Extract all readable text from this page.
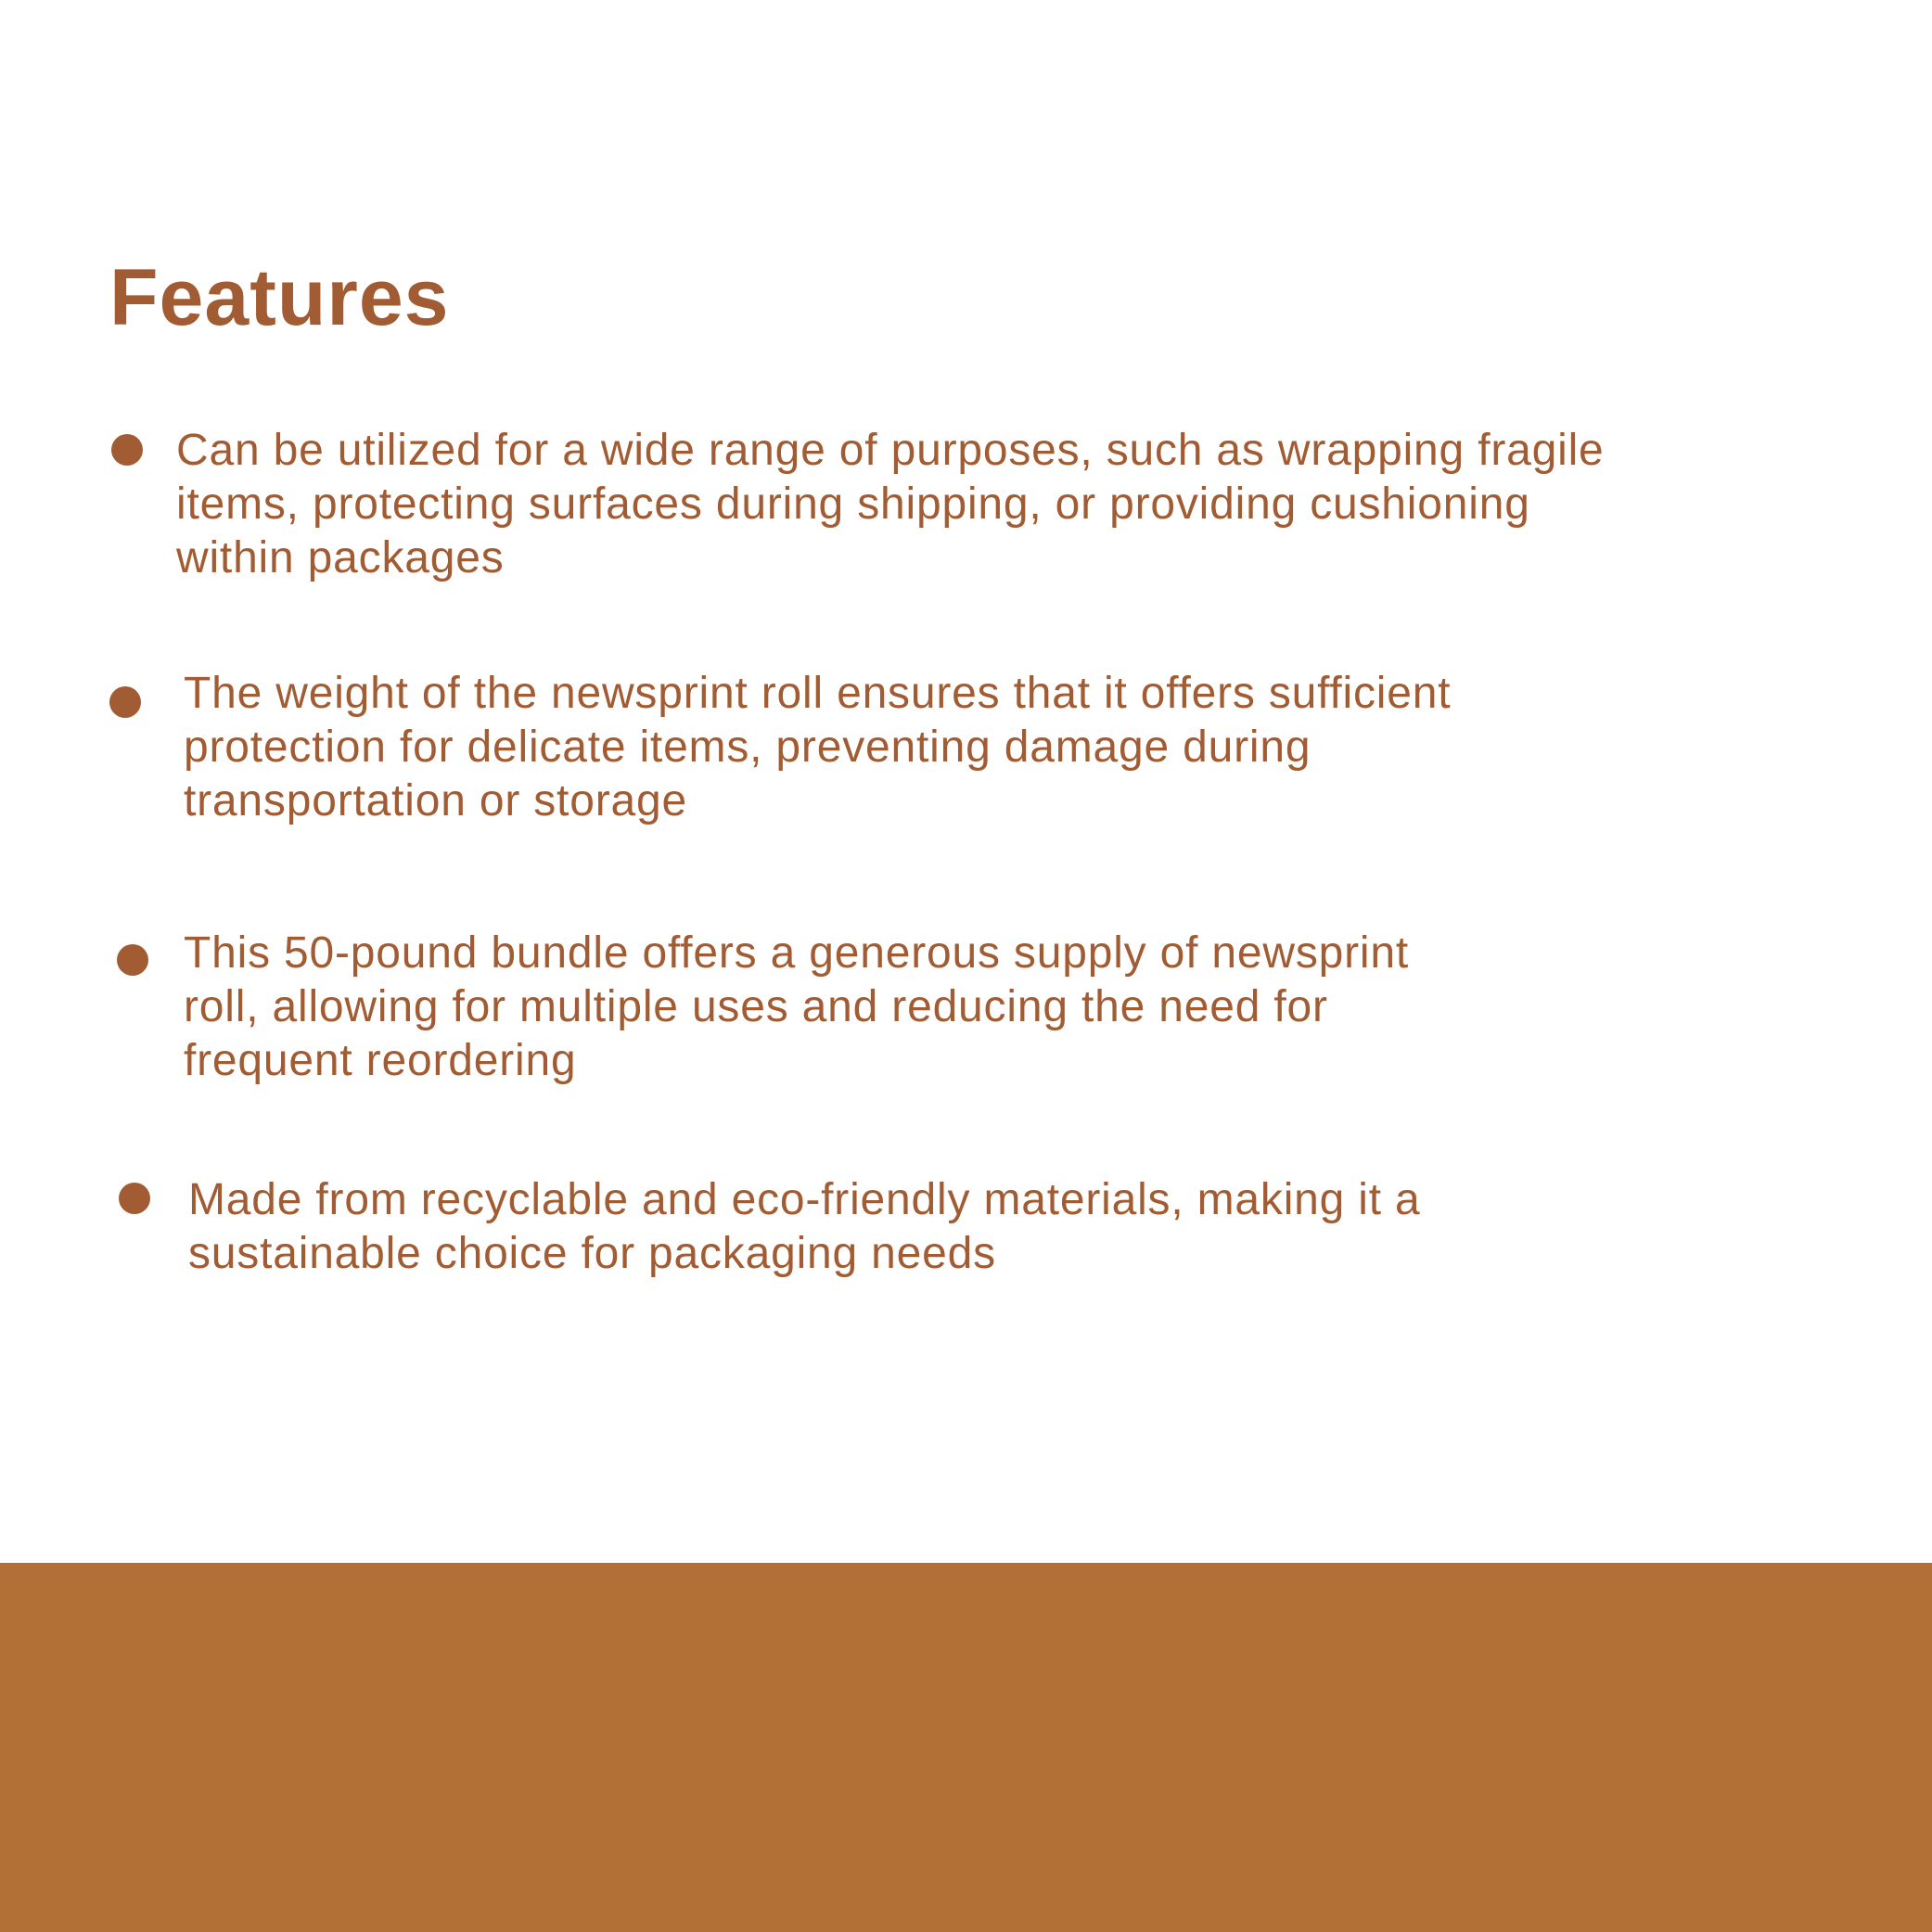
Features
Can be utilized for a wide range of purposes, such as wrapping fragile
items, protecting surfaces during shipping, or providing cushioning
within packages
The weight of the newsprint roll ensures that it offers sufficient
protection for delicate items, preventing damage during
transportation or storage
This 50-pound bundle offers a generous supply of newsprint
roll, allowing for multiple uses and reducing the need for
frequent reordering
Made from recyclable and eco-friendly materials, making it a
sustainable choice for packaging needs
